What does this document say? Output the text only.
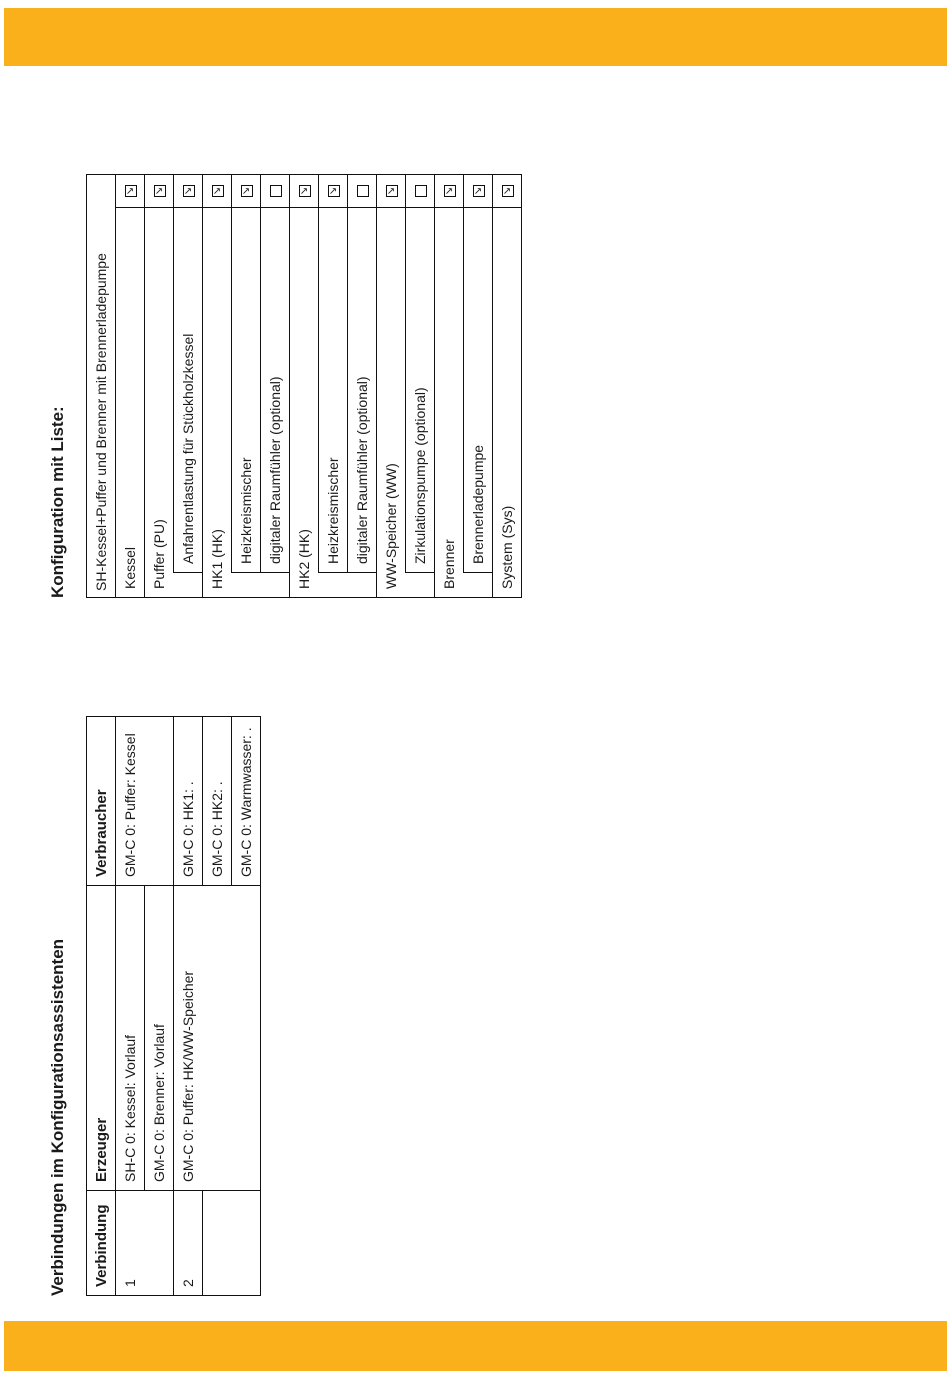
Verbindungen im Konfigurationsassistenten Verbindung	Erzeuger	Verbraucher
1	SH-C 0: Kessel: Vorlauf	GM-C 0: Puffer: Kessel
	GM-C 0: Brenner: Vorlauf	
2	GM-C 0: Puffer: HK/WW-Speicher	GM-C 0: HK1: .
		GM-C 0: HK2: .
		GM-C 0: Warmwasser: .
Konfiguration mit Liste: SH-Kessel+Puffer und Brenner mit Brennerladepumpe		
Kessel		↘
Puffer (PU)		↘
	Anfahrentlastung für Stückholzkessel	↘
HK1 (HK)		↘
	Heizkreismischer	↘
	digitaler Raumfühler (optional)	
HK2 (HK)		↘
	Heizkreismischer	↘
	digitaler Raumfühler (optional)	
WW-Speicher (WW)		↘
	Zirkulationspumpe (optional)	
Brenner		↘
	Brennerladepumpe	↘
System (Sys)		↘
